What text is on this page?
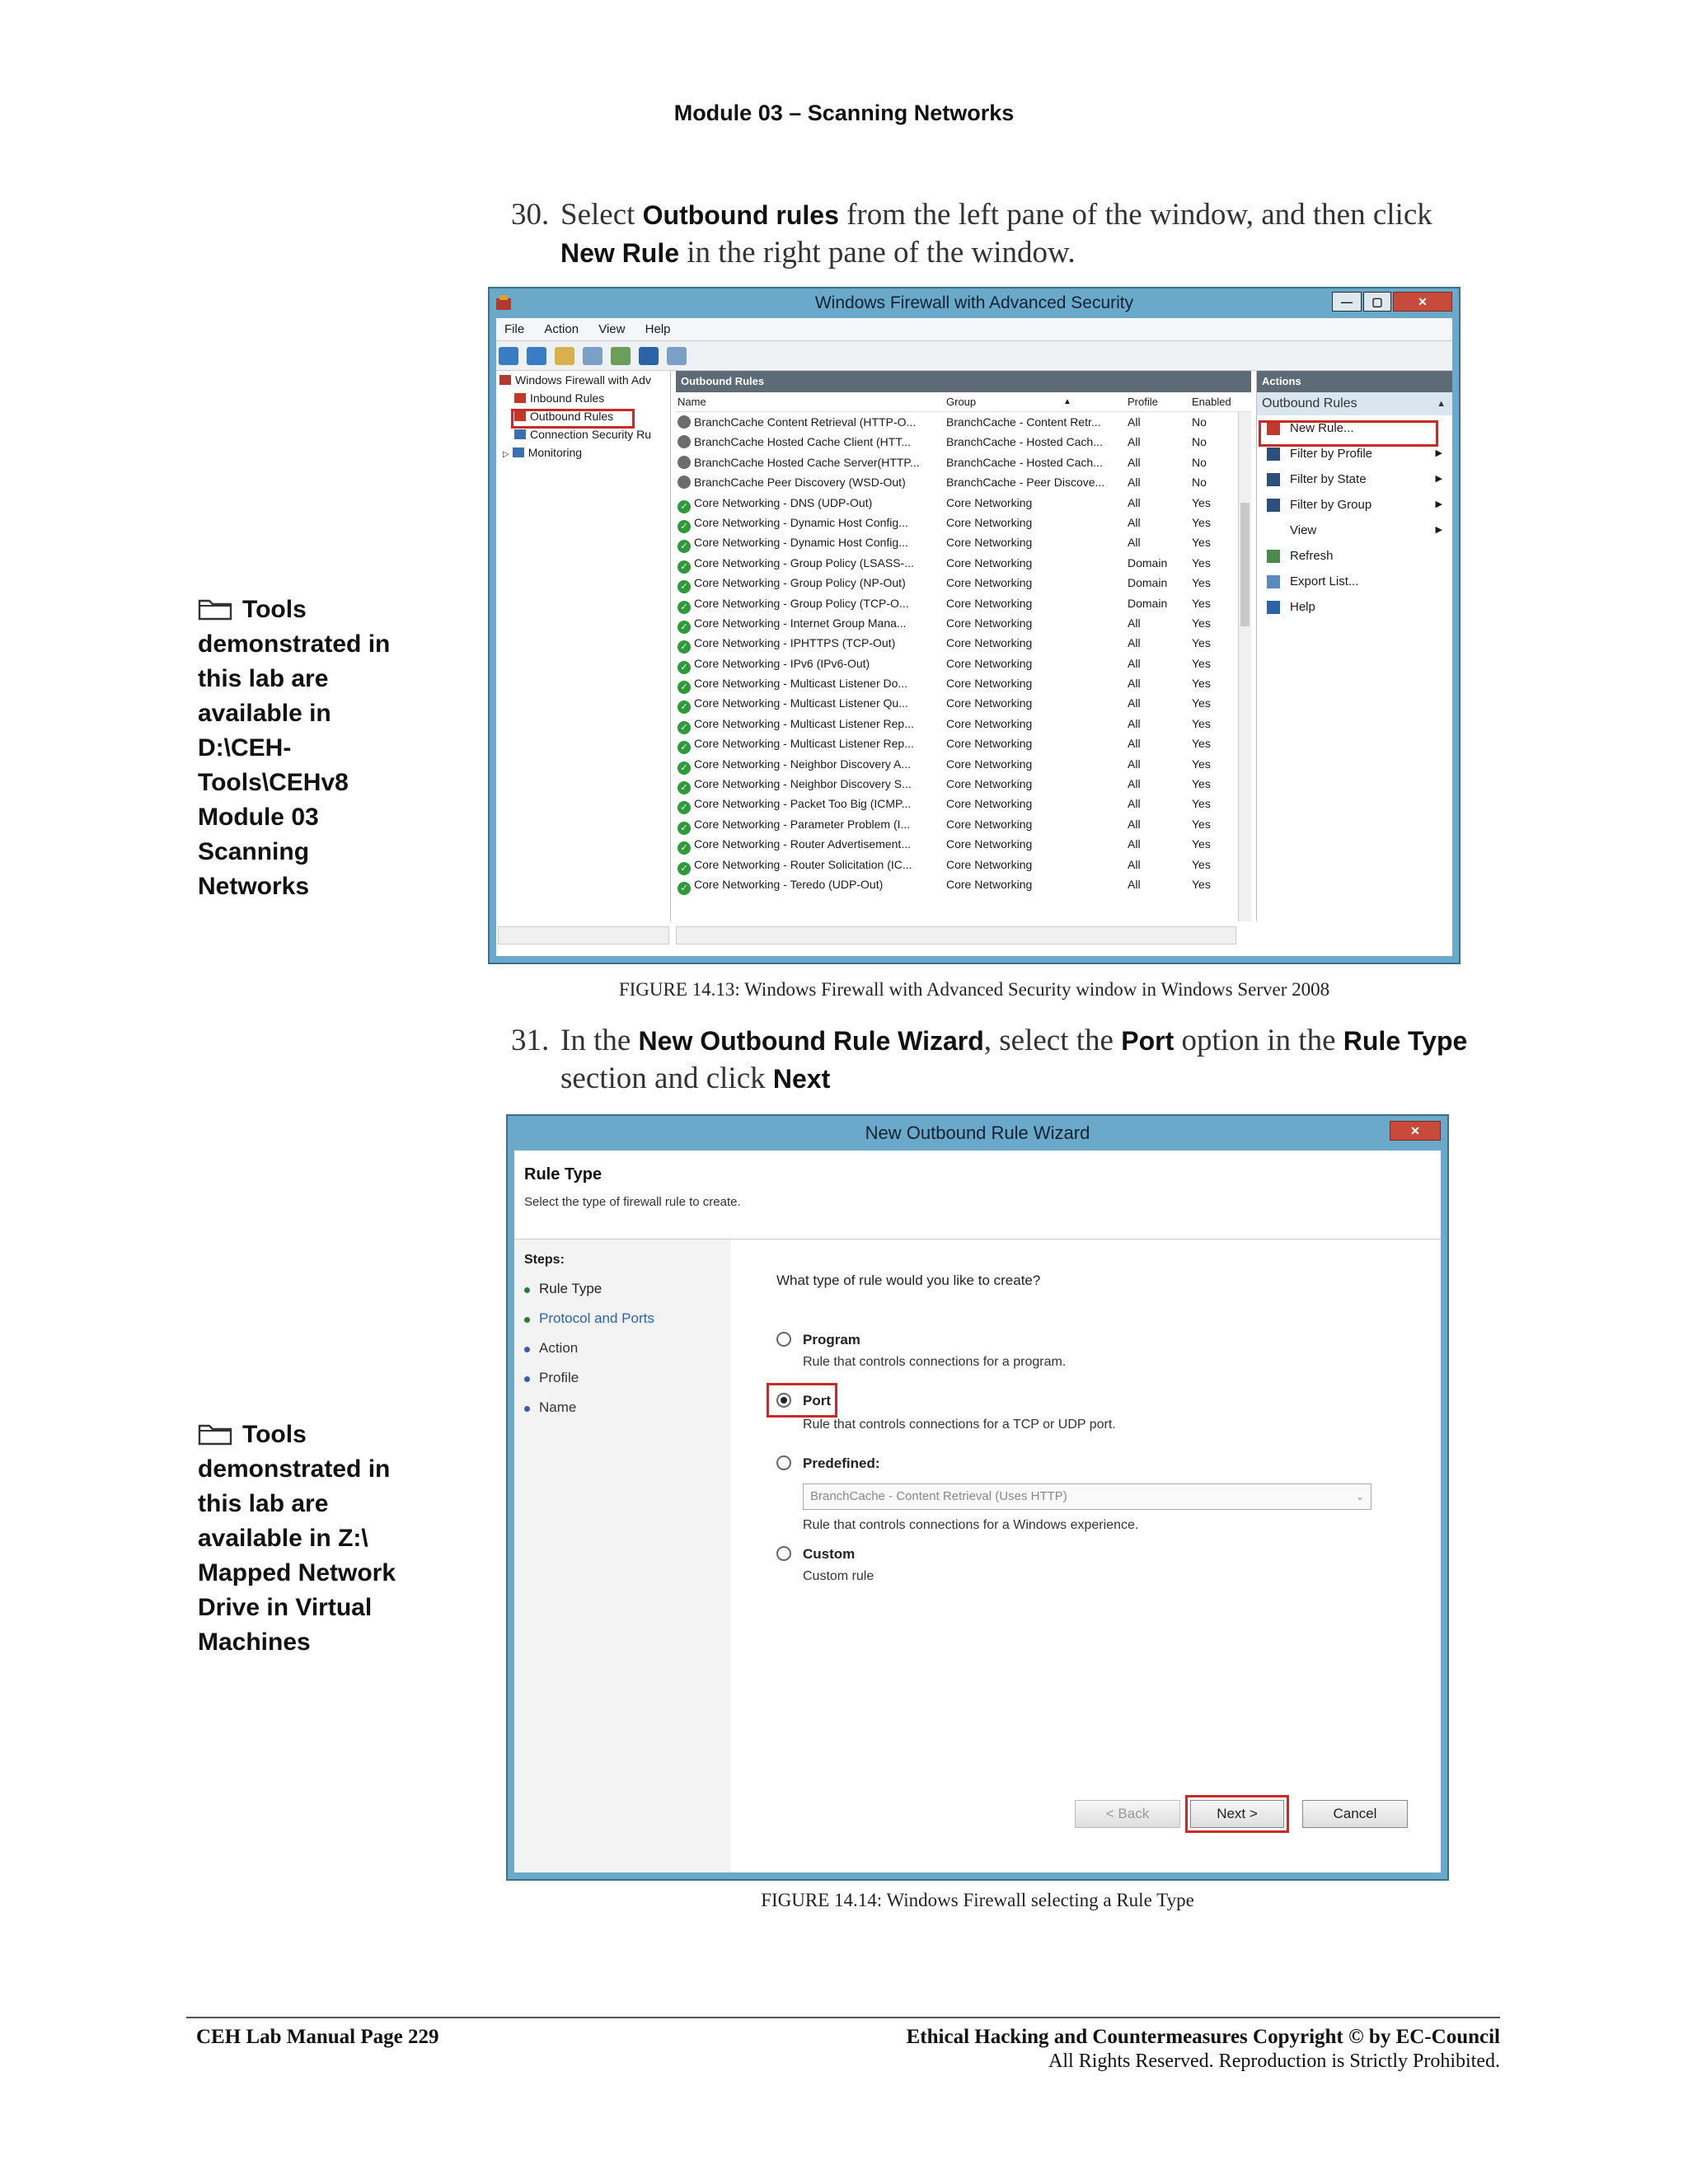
Module 03 – Scanning Networks
30. Select Outbound rules from the left pane of the window, and then click
New Rule in the right pane of the window.
Tools
demonstrated in
this lab are
available in
D:\CEH-
Tools\CEHv8
Module 03
Scanning
Networks
Windows Firewall with Advanced Security	—	▢	✕
File Action View Help

Windows Firewall with Adv
Inbound Rules
Outbound Rules
Connection Security Ru
▷ Monitoring
Outbound Rules
Name	Group	▲	Profile	Enabled
BranchCache Content Retrieval (HTTP-O...	BranchCache - Content Retr...	All	No
BranchCache Hosted Cache Client (HTT...	BranchCache - Hosted Cach...	All	No
BranchCache Hosted Cache Server(HTTP...	BranchCache - Hosted Cach...	All	No
BranchCache Peer Discovery (WSD-Out)	BranchCache - Peer Discove...	All	No
✓ Core Networking - DNS (UDP-Out)	Core Networking	All	Yes
✓ Core Networking - Dynamic Host Config...	Core Networking	All	Yes
✓ Core Networking - Dynamic Host Config...	Core Networking	All	Yes
✓ Core Networking - Group Policy (LSASS-...	Core Networking	Domain	Yes
✓ Core Networking - Group Policy (NP-Out)	Core Networking	Domain	Yes
✓ Core Networking - Group Policy (TCP-O...	Core Networking	Domain	Yes
✓ Core Networking - Internet Group Mana...	Core Networking	All	Yes
✓ Core Networking - IPHTTPS (TCP-Out)	Core Networking	All	Yes
✓ Core Networking - IPv6 (IPv6-Out)	Core Networking	All	Yes
✓ Core Networking - Multicast Listener Do...	Core Networking	All	Yes
✓ Core Networking - Multicast Listener Qu...	Core Networking	All	Yes
✓ Core Networking - Multicast Listener Rep...	Core Networking	All	Yes
✓ Core Networking - Multicast Listener Rep...	Core Networking	All	Yes
✓ Core Networking - Neighbor Discovery A...	Core Networking	All	Yes
✓ Core Networking - Neighbor Discovery S...	Core Networking	All	Yes
✓ Core Networking - Packet Too Big (ICMP...	Core Networking	All	Yes
✓ Core Networking - Parameter Problem (I...	Core Networking	All	Yes
✓ Core Networking - Router Advertisement...	Core Networking	All	Yes
✓ Core Networking - Router Solicitation (IC...	Core Networking	All	Yes
✓ Core Networking - Teredo (UDP-Out)	Core Networking	All	Yes
Actions
Outbound Rules	▲
New Rule...
Filter by Profile	▶
Filter by State	▶
Filter by Group	▶
View	▶
Refresh
Export List...
Help
FIGURE 14.13: Windows Firewall with Advanced Security window in Windows Server 2008
31. In the New Outbound Rule Wizard, select the Port option in the Rule Type
section and click Next
Tools
demonstrated in
this lab are
available in Z:\
Mapped Network
Drive in Virtual
Machines
New Outbound Rule Wizard	✕
Rule Type
Select the type of firewall rule to create.
Steps:
Rule Type
Protocol and Ports
Action
Profile
Name
What type of rule would you like to create?
Program
Rule that controls connections for a program.
Port
Rule that controls connections for a TCP or UDP port.
Predefined:
BranchCache - Content Retrieval (Uses HTTP)	⌄
Rule that controls connections for a Windows experience.
Custom
Custom rule
< Back	Next >	Cancel
FIGURE 14.14: Windows Firewall selecting a Rule Type
CEH Lab Manual Page 229	Ethical Hacking and Countermeasures Copyright © by EC-Council
All Rights Reserved. Reproduction is Strictly Prohibited.
